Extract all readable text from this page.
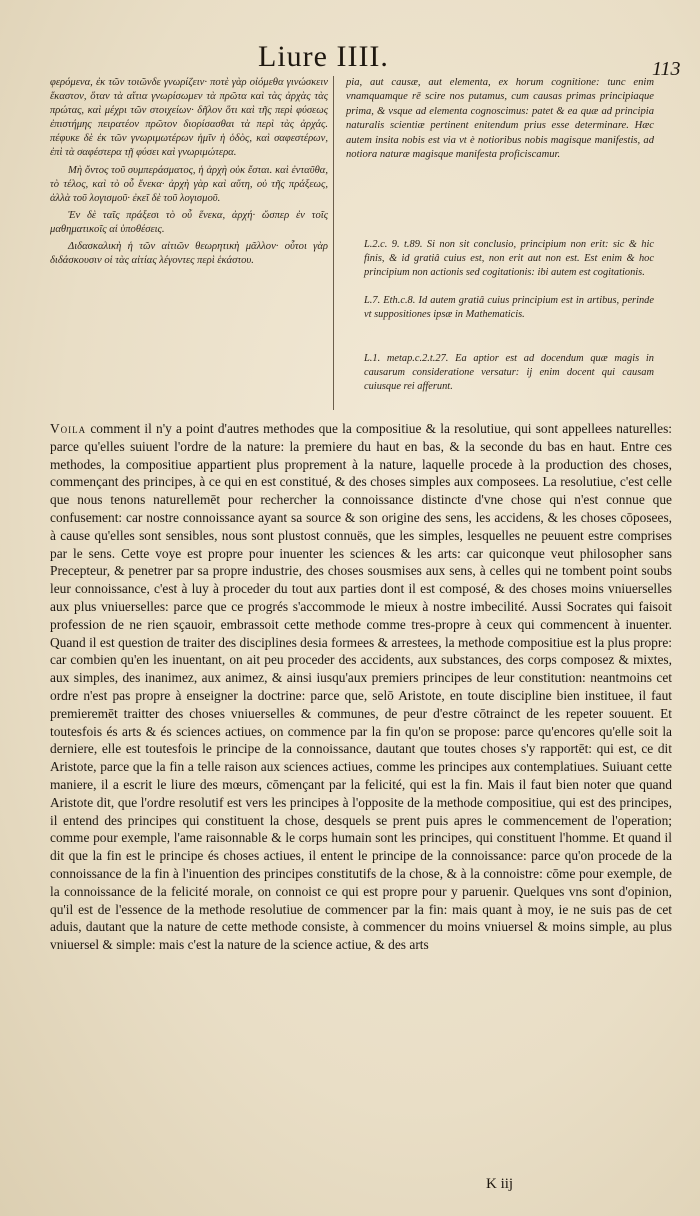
Liure IIII.	113

φερόμενα, ἐκ τῶν τοιῶνδε γνωρίζειν· ποτὲ γὰρ οἰόμεθα γινώσκειν ἕκαστον, ὅταν τὰ αἴτια γνωρίσωμεν τὰ πρῶτα καὶ τὰς ἀρχὰς τὰς πρώτας, καὶ μέχρι τῶν στοιχείων· δῆλον ὅτι καὶ τῆς περὶ φύσεως ἐπιστήμης πειρατέον πρῶτον διορίσασθαι τὰ περὶ τὰς ἀρχάς. πέφυκε δὲ ἐκ τῶν γνωριμωτέρων ἡμῖν ἡ ὁδὸς, καὶ σαφεστέρων, ἐπὶ τὰ σαφέστερα τῇ φύσει καὶ γνωριμώτερα.

Μὴ ὄντος τοῦ συμπεράσματος, ἡ ἀρχὴ οὐκ ἔσται. καὶ ἐνταῦθα, τὸ τέλος, καὶ τὸ οὗ ἕνεκα· ἀρχὴ γὰρ καὶ αὕτη, οὐ τῆς πράξεως, ἀλλὰ τοῦ λογισμοῦ· ἐκεῖ δὲ τοῦ λογισμοῦ.

Ἐν δὲ ταῖς πράξεσι τὸ οὗ ἕνεκα, ἀρχή· ὥσπερ ἐν τοῖς μαθηματικοῖς αἱ ὑποθέσεις.

Διδασκαλικὴ ἡ τῶν αἰτιῶν θεωρητικὴ μᾶλλον· οὗτοι γὰρ διδάσκουσιν οἱ τὰς αἰτίας λέγοντες περὶ ἑκάστου.

pia, aut causæ, aut elementa, ex horum cognitione: tunc enim vnamquamque rē scire nos putamus, cum causas primas principiaque prima, & vsque ad elementa cognoscimus: patet & ea quæ ad principia naturalis scientiæ pertinent enitendum prius esse determinare. Hæc autem insita nobis est via vt è notioribus nobis magisque manifestis, ad notiora naturæ magisque manifesta proficiscamur.

L.2.c. 9. t.89. Si non sit conclusio, principium non erit: sic & hic finis, & id gratiâ cuius est, non erit aut non est. Est enim & hoc principium non actionis sed cogitationis: ibi autem est cogitationis.
L.7. Eth.c.8. Id autem gratiâ cuius principium est in artibus, perinde vt suppositiones ipsæ in Mathematicis.
L.1. metap.c.2.t.27. Ea aptior est ad docendum quæ magis in causarum consideratione versatur: ij enim docent qui causam cuiusque rei afferunt.
Voila comment il n'y a point d'autres methodes que la compositiue & la resolutiue, qui sont appellees naturelles: parce qu'elles suiuent l'ordre de la nature: la premiere du haut en bas, & la seconde du bas en haut. Entre ces methodes, la compositiue appartient plus proprement à la nature, laquelle procede à la production des choses, commençant des principes, à ce qui en est constitué, & des choses simples aux composees. La resolutiue, c'est celle que nous tenons naturellemēt pour rechercher la connoissance distincte d'vne chose qui n'est connue que confusement: car nostre connoissance ayant sa source & son origine des sens, les accidens, & les choses cōposees, à cause qu'elles sont sensibles, nous sont plustost connuës, que les simples, lesquelles ne peuuent estre comprises par le sens. Cette voye est propre pour inuenter les sciences & les arts: car quiconque veut philosopher sans Precepteur, & penetrer par sa propre industrie, des choses sousmises aux sens, à celles qui ne tombent point soubs leur connoissance, c'est à luy à proceder du tout aux parties dont il est composé, & des choses moins vniuerselles aux plus vniuerselles: parce que ce progrés s'accommode le mieux à nostre imbecilité. Aussi Socrates qui faisoit profession de ne rien sçauoir, embrassoit cette methode comme tres-propre à ceux qui commencent à inuenter. Quand il est question de traiter des disciplines desia formees & arrestees, la methode compositiue est la plus propre: car combien qu'en les inuentant, on ait peu proceder des accidents, aux substances, des corps composez & mixtes, aux simples, des inanimez, aux animez, & ainsi iusqu'aux premiers principes de leur constitution: neantmoins cet ordre n'est pas propre à enseigner la doctrine: parce que, selō Aristote, en toute discipline bien instituee, il faut premieremēt traitter des choses vniuerselles & communes, de peur d'estre cōtrainct de les repeter souuent. Et toutesfois és arts & és sciences actiues, on commence par la fin qu'on se propose: parce qu'encores qu'elle soit la derniere, elle est toutesfois le principe de la connoissance, dautant que toutes choses s'y rapportēt: qui est, ce dit Aristote, parce que la fin a telle raison aux sciences actiues, comme les principes aux contemplatiues. Suiuant cette maniere, il a escrit le liure des mœurs, cōmençant par la felicité, qui est la fin. Mais il faut bien noter que quand Aristote dit, que l'ordre resolutif est vers les principes à l'opposite de la methode compositiue, qui est des principes, il entend des principes qui constituent la chose, desquels se prent puis apres le commencement de l'operation; comme pour exemple, l'ame raisonnable & le corps humain sont les principes, qui constituent l'homme. Et quand il dit que la fin est le principe és choses actiues, il entent le principe de la connoissance: parce qu'on procede de la connoissance de la fin à l'inuention des principes constitutifs de la chose, & à la connoistre: cōme pour exemple, de la connoissance de la felicité morale, on connoist ce qui est propre pour y paruenir. Quelques vns sont d'opinion, qu'il est de l'essence de la methode resolutiue de commencer par la fin: mais quant à moy, ie ne suis pas de cet aduis, dautant que la nature de cette methode consiste, à commencer du moins vniuersel & moins simple, au plus vniuersel & simple: mais c'est la nature de la science actiue, & des arts
K iij
